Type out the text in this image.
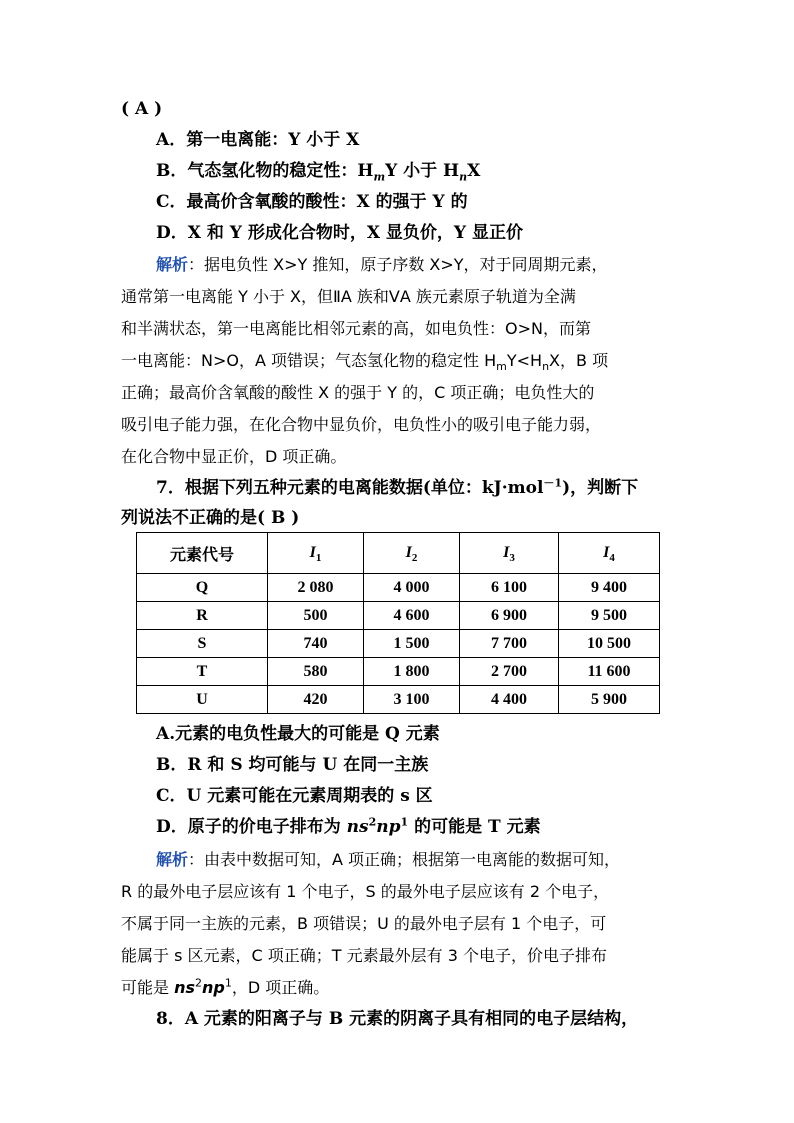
( A )
A．第一电离能：Y 小于 X
B．气态氢化物的稳定性：$H_mY$ 小于 $H_nX$
C．最高价含氧酸的酸性：X 的强于 Y 的
D．X 和 Y 形成化合物时，X 显负价，Y 显正价
解析：据电负性 X>Y 推知，原子序数 X>Y，对于同周期元素，
通常第一电离能 Y 小于 X，但ⅡA 族和ⅤA 族元素原子轨道为全满
和半满状态，第一电离能比相邻元素的高，如电负性：O>N，而第
一电离能：N>O，A 项错误；气态氢化物的稳定性 $H_mY<H_nX$，B 项
正确；最高价含氧酸的酸性 X 的强于 Y 的，C 项正确；电负性大的
吸引电子能力强，在化合物中显负价，电负性小的吸引电子能力弱，
在化合物中显正价，D 项正确。
7．根据下列五种元素的电离能数据(单位：kJ·mol$^{-1}$)，判断下
列说法不正确的是( B )
元素代号	$I_1$	$I_2$	$I_3$	$I_4$
Q	2 080	4 000	6 100	9 400
R	500	4 600	6 900	9 500
S	740	1 500	7 700	10 500
T	580	1 800	2 700	11 600
U	420	3 100	4 400	5 900
A.元素的电负性最大的可能是 Q 元素
B．R 和 S 均可能与 U 在同一主族
C．U 元素可能在元素周期表的 s 区
D．原子的价电子排布为 $ns^2np^1$ 的可能是 T 元素
解析：由表中数据可知，A 项正确；根据第一电离能的数据可知，
R 的最外电子层应该有 1 个电子，S 的最外电子层应该有 2 个电子，
不属于同一主族的元素，B 项错误；U 的最外电子层有 1 个电子，可
能属于 s 区元素，C 项正确；T 元素最外层有 3 个电子，价电子排布
可能是 $ns^2np^1$，D 项正确。
8．A 元素的阳离子与 B 元素的阴离子具有相同的电子层结构，
